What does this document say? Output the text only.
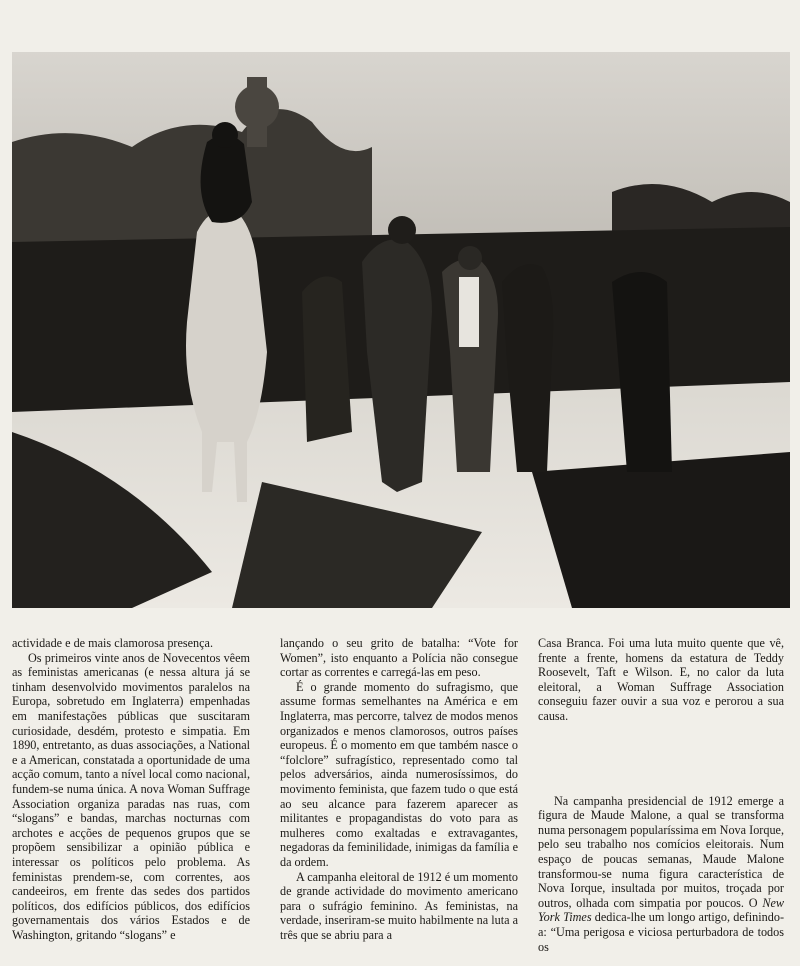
actividade e de mais clamorosa presença.

Os primeiros vinte anos de Novecentos vêem as feministas americanas (e nessa altura já se tinham desenvolvido movimentos paralelos na Europa, sobretudo em Inglaterra) empenhadas em manifestações públicas que suscitaram curiosidade, desdém, protesto e simpatia. Em 1890, entretanto, as duas associações, a National e a American, constatada a oportunidade de uma acção comum, tanto a nível local como nacional, fundem-se numa única. A nova Woman Suffrage Association organiza paradas nas ruas, com “slogans” e bandas, marchas nocturnas com archotes e acções de pequenos grupos que se propõem sensibilizar a opinião pública e interessar os políticos pelo problema. As feministas prendem-se, com correntes, aos candeeiros, em frente das sedes dos partidos políticos, dos edifícios públicos, dos edifícios governamentais dos vários Estados e de Washington, gritando “slogans” e

lançando o seu grito de batalha: “Vote for Women”, isto enquanto a Polícia não consegue cortar as correntes e carregá-las em peso.

É o grande momento do sufragismo, que assume formas semelhantes na América e em Inglaterra, mas percorre, talvez de modos menos organizados e menos clamorosos, outros países europeus. É o momento em que também nasce o “folclore” sufragístico, representado como tal pelos adversários, ainda numerosíssimos, do movimento feminista, que fazem tudo o que está ao seu alcance para fazerem aparecer as militantes e propagandistas do voto para as mulheres como exaltadas e extravagantes, negadoras da feminilidade, inimigas da família e da ordem.

A campanha eleitoral de 1912 é um momento de grande actividade do movimento americano para o sufrágio feminino. As feministas, na verdade, inseriram-se muito habilmente na luta a três que se abriu para a

Casa Branca. Foi uma luta muito quente que vê, frente a frente, homens da estatura de Teddy Roosevelt, Taft e Wilson. E, no calor da luta eleitoral, a Woman Suffrage Association conseguiu fazer ouvir a sua voz e perorou a sua causa.

Na campanha presidencial de 1912 emerge a figura de Maude Malone, a qual se transforma numa personagem popularíssima em Nova Iorque, pelo seu trabalho nos comícios eleitorais. Num espaço de poucas semanas, Maude Malone transformou-se numa figura característica de Nova Iorque, insultada por muitos, troçada por outros, olhada com simpatia por poucos. O New York Times dedica-lhe um longo artigo, definindo-a: “Uma perigosa e viciosa perturbadora de todos os
